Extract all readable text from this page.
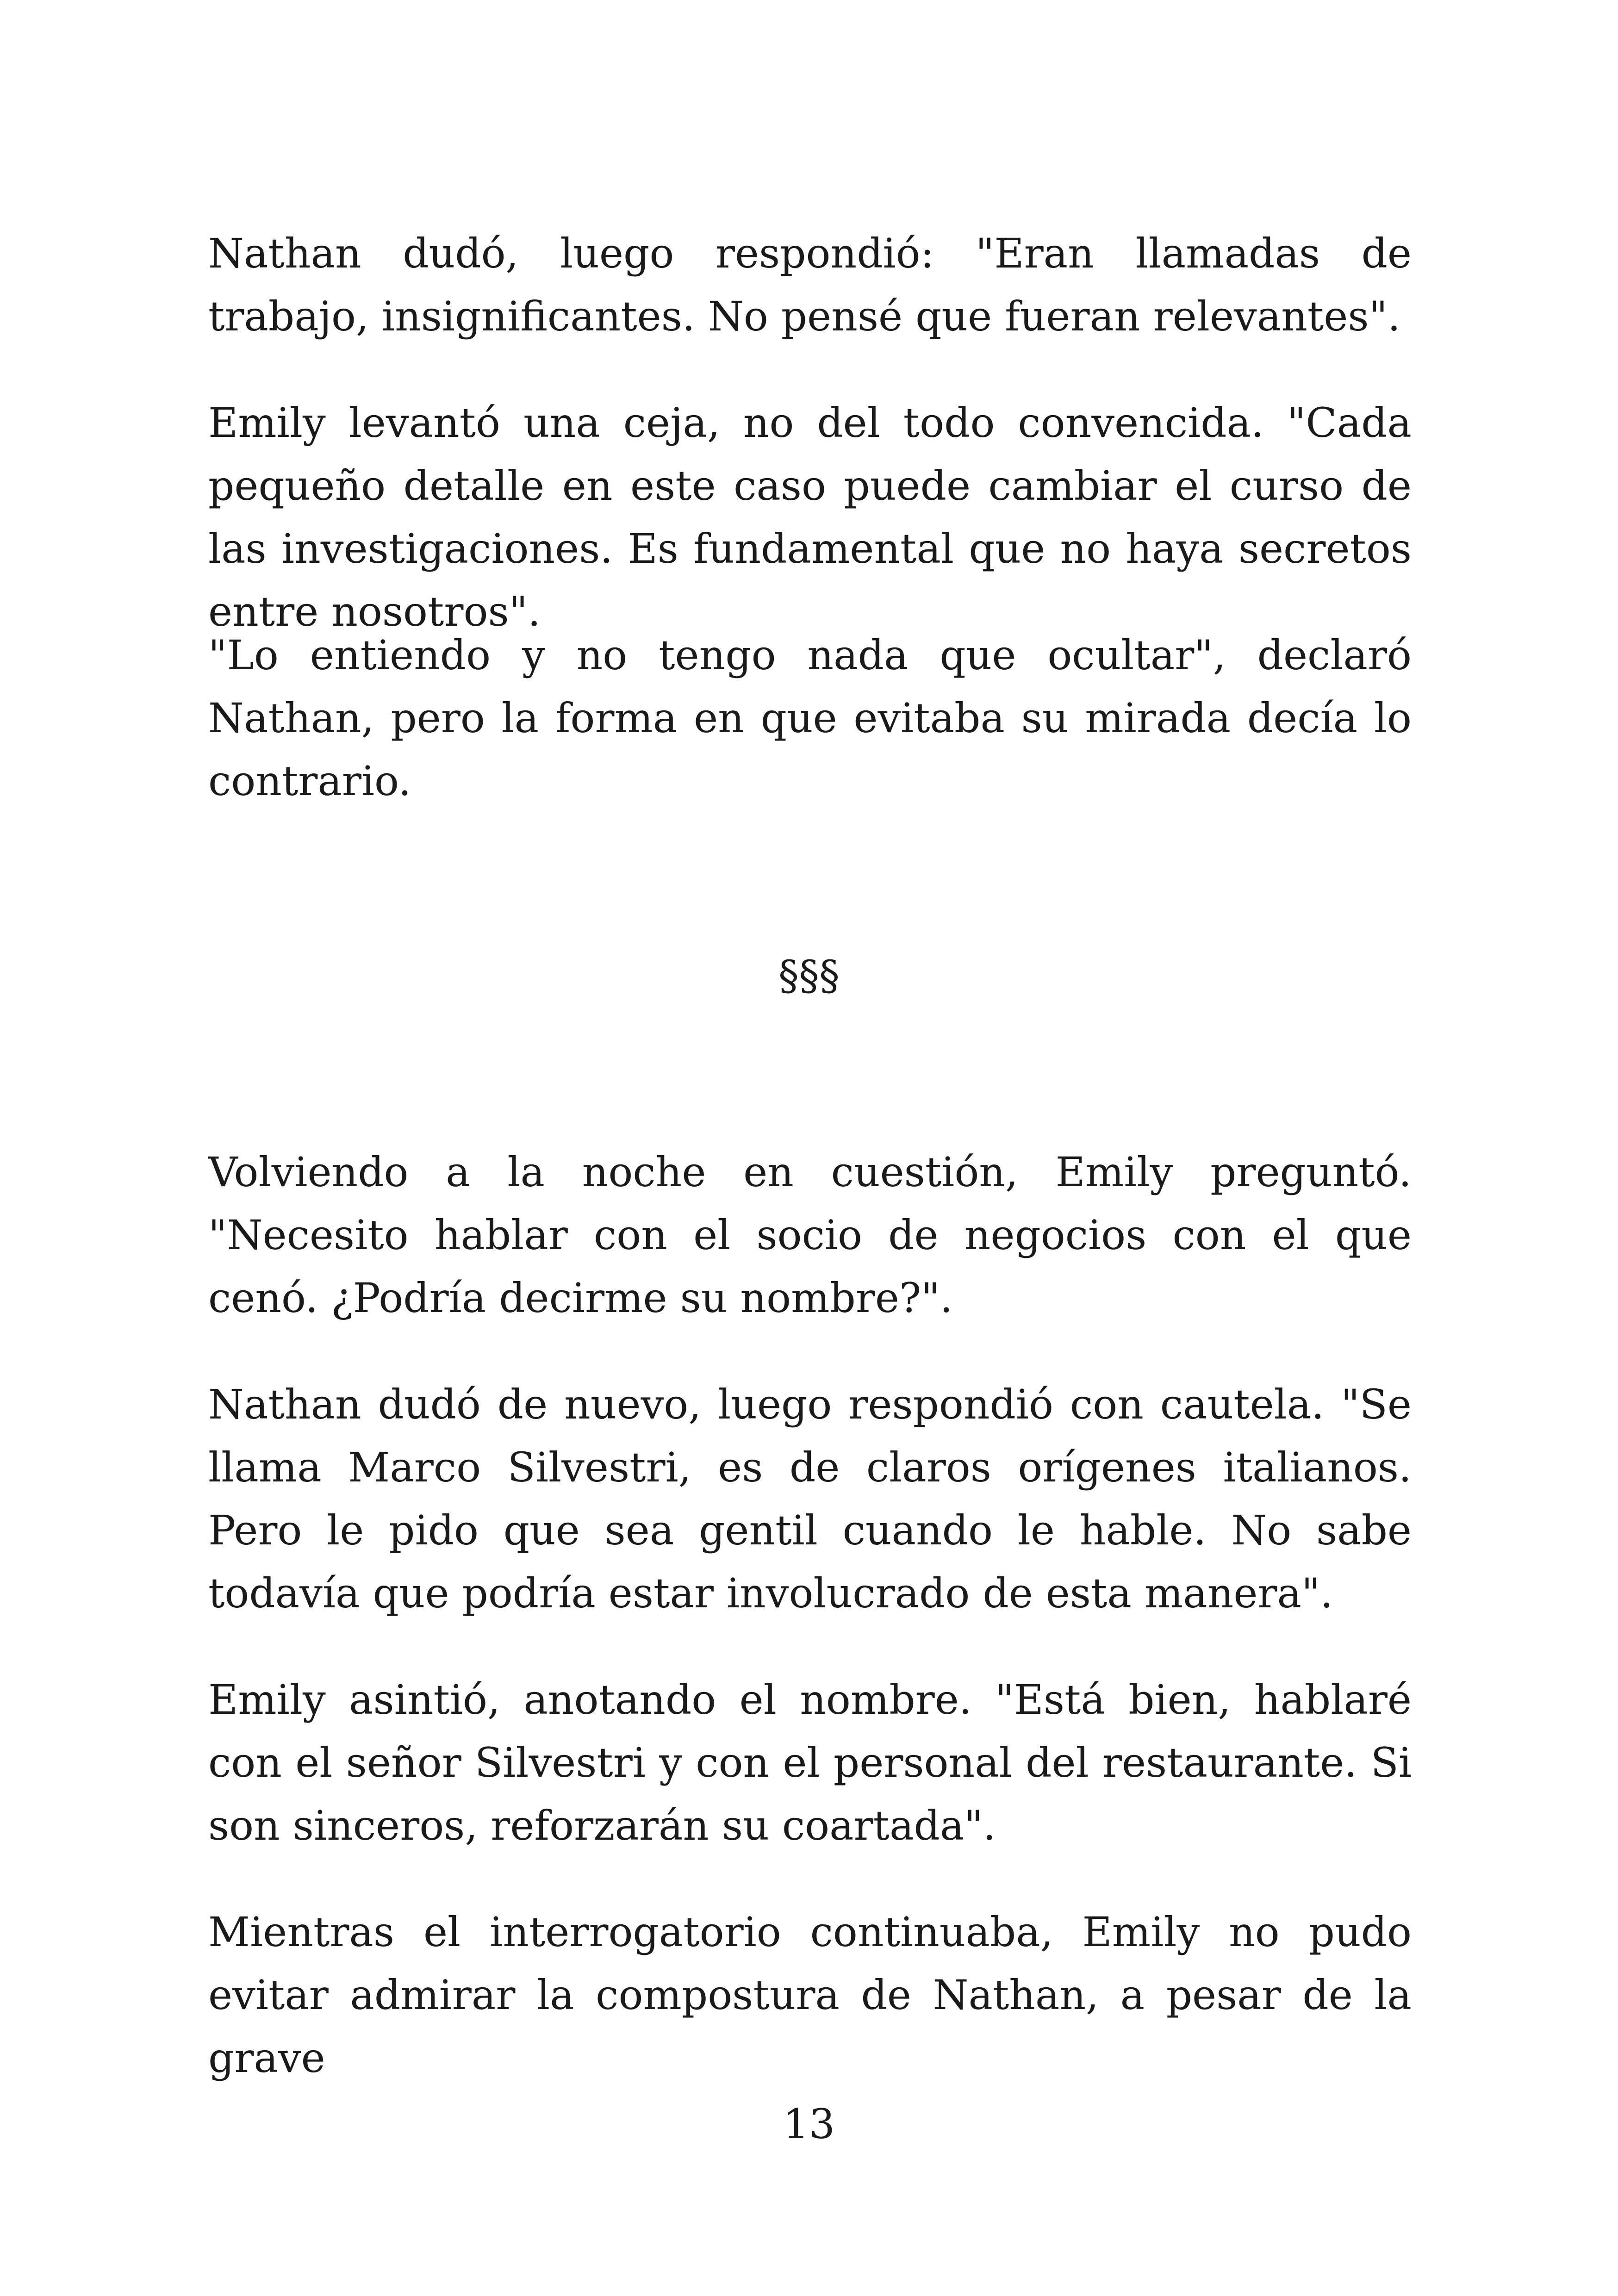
Nathan dudó, luego respondió: "Eran llamadas de trabajo, insignificantes. No pensé que fueran relevantes".

Emily levantó una ceja, no del todo convencida. "Cada pequeño detalle en este caso puede cambiar el curso de las investigaciones. Es fundamental que no haya secretos entre nosotros".

"Lo entiendo y no tengo nada que ocultar", declaró Nathan, pero la forma en que evitaba su mirada decía lo contrario.

§§§

Volviendo a la noche en cuestión, Emily preguntó. "Necesito hablar con el socio de negocios con el que cenó. ¿Podría decirme su nombre?".

Nathan dudó de nuevo, luego respondió con cautela. "Se llama Marco Silvestri, es de claros orígenes italianos. Pero le pido que sea gentil cuando le hable. No sabe todavía que podría estar involucrado de esta manera".

Emily asintió, anotando el nombre. "Está bien, hablaré con el señor Silvestri y con el personal del restaurante. Si son sinceros, reforzarán su coartada".

Mientras el interrogatorio continuaba, Emily no pudo evitar admirar la compostura de Nathan, a pesar de la grave

13
